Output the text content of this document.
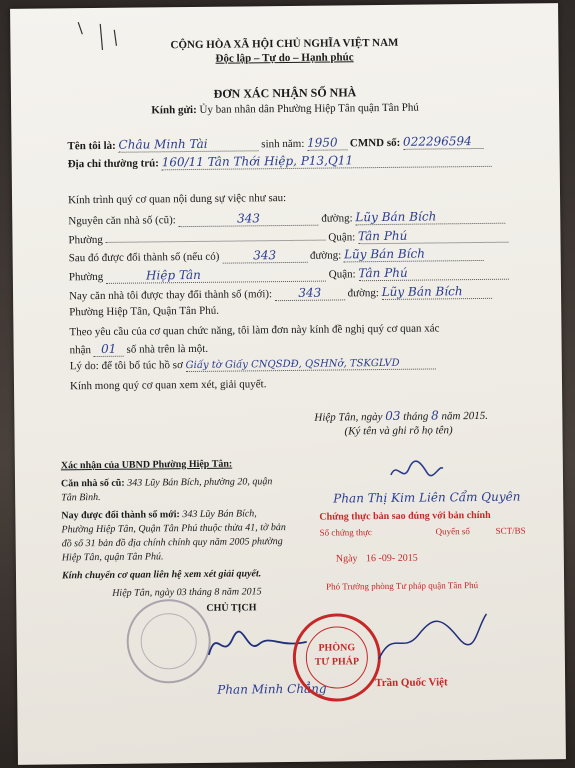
CỘNG HÒA XÃ HỘI CHỦ NGHĨA VIỆT NAM
Độc lập – Tự do – Hạnh phúc
ĐƠN XÁC NHẬN SỐ NHÀ
Kính gửi: Ủy ban nhân dân Phường Hiệp Tân quận Tân Phú
Tên tôi là: Châu Minh Tài	sinh năm: 1950 CMND số: 022296594
Địa chỉ thường trú: 160/11 Tân Thới Hiệp, P13,Q11
Kính trình quý cơ quan nội dung sự việc như sau:
Nguyên căn nhà số (cũ):	343	đường: Lũy Bán Bích
Phường	Quận: Tân Phú
Sau đó được đổi thành số (nếu có)	343	đường: Lũy Bán Bích
Phường	Hiệp Tân	Quận: Tân Phú
Nay căn nhà tôi được thay đổi thành số (mới): 343 đường: Lũy Bán Bích
Phường Hiệp Tân, Quận Tân Phú.
Theo yêu cầu của cơ quan chức năng, tôi làm đơn này kính đề nghị quý cơ quan xác
nhận 01 số nhà trên là một.
Lý do: để tôi bổ túc hồ sơ Giấy tờ Giấy CNQSDĐ, QSHNở, TSKGLVD
Kính mong quý cơ quan xem xét, giải quyết.
Hiệp Tân, ngày 03 tháng 8 năm 2015.
(Ký tên và ghi rõ họ tên)
Phan Thị Kim Liên Cẩm Quyên
Xác nhận của UBND Phường Hiệp Tân:
Căn nhà số cũ: 343 Lũy Bán Bích, phường 20, quận
Tân Bình.
Nay được đổi thành số mới: 343 Lũy Bán Bích,
Phường Hiệp Tân, Quận Tân Phú thuộc thửa 41, tờ bản
đồ số 31 bản đồ địa chính chính quy năm 2005 phường
Hiệp Tân, quận Tân Phú.
Kính chuyển cơ quan liên hệ xem xét giải quyết.
Hiệp Tân, ngày 03 tháng 8 năm 2015
CHỦ TỊCH
Phan Minh Chẳng
Chứng thực bản sao đúng với bản chính
Số chứng thực	Quyển số	SCT/BS
Ngày 16 -09- 2015
Phó Trưởng phòng Tư pháp quận Tân Phú
PHÒNG
TƯ PHÁP
Trần Quốc Việt
